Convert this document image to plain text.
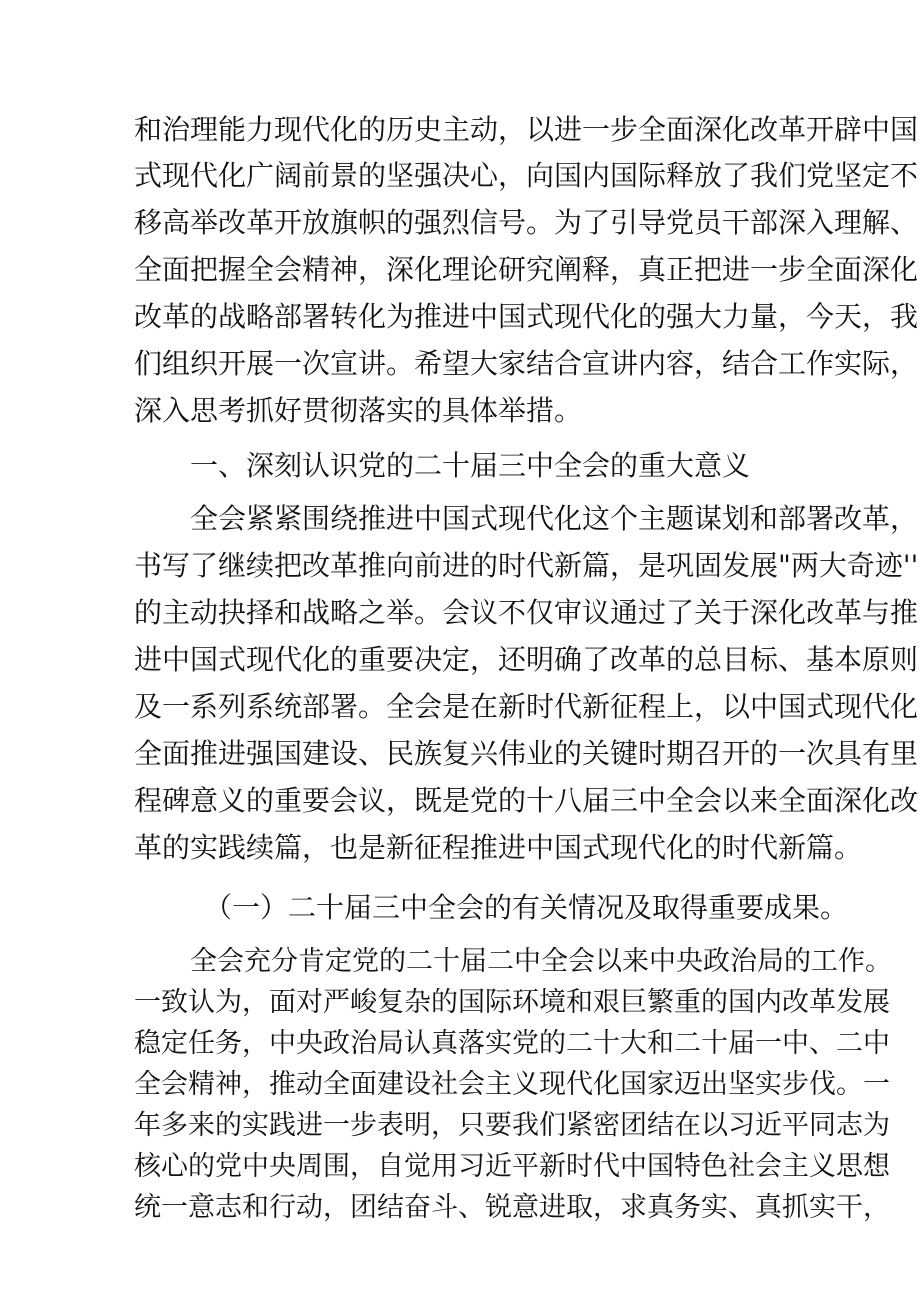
和治理能力现代化的历史主动，以进一步全面深化改革开辟中国
式现代化广阔前景的坚强决心，向国内国际释放了我们党坚定不
移高举改革开放旗帜的强烈信号。为了引导党员干部深入理解、
全面把握全会精神，深化理论研究阐释，真正把进一步全面深化
改革的战略部署转化为推进中国式现代化的强大力量，今天，我
们组织开展一次宣讲。希望大家结合宣讲内容，结合工作实际，
深入思考抓好贯彻落实的具体举措。
一、深刻认识党的二十届三中全会的重大意义
全会紧紧围绕推进中国式现代化这个主题谋划和部署改革，
书写了继续把改革推向前进的时代新篇，是巩固发展"两大奇迹''
的主动抉择和战略之举。会议不仅审议通过了关于深化改革与推
进中国式现代化的重要决定，还明确了改革的总目标、基本原则
及一系列系统部署。全会是在新时代新征程上，以中国式现代化
全面推进强国建设、民族复兴伟业的关键时期召开的一次具有里
程碑意义的重要会议，既是党的十八届三中全会以来全面深化改
革的实践续篇，也是新征程推进中国式现代化的时代新篇。
（一）二十届三中全会的有关情况及取得重要成果。
全会充分肯定党的二十届二中全会以来中央政治局的工作。
一致认为，面对严峻复杂的国际环境和艰巨繁重的国内改革发展
稳定任务，中央政治局认真落实党的二十大和二十届一中、二中
全会精神，推动全面建设社会主义现代化国家迈出坚实步伐。一
年多来的实践进一步表明，只要我们紧密团结在以习近平同志为
核心的党中央周围，自觉用习近平新时代中国特色社会主义思想
统一意志和行动，团结奋斗、锐意进取，求真务实、真抓实干，
